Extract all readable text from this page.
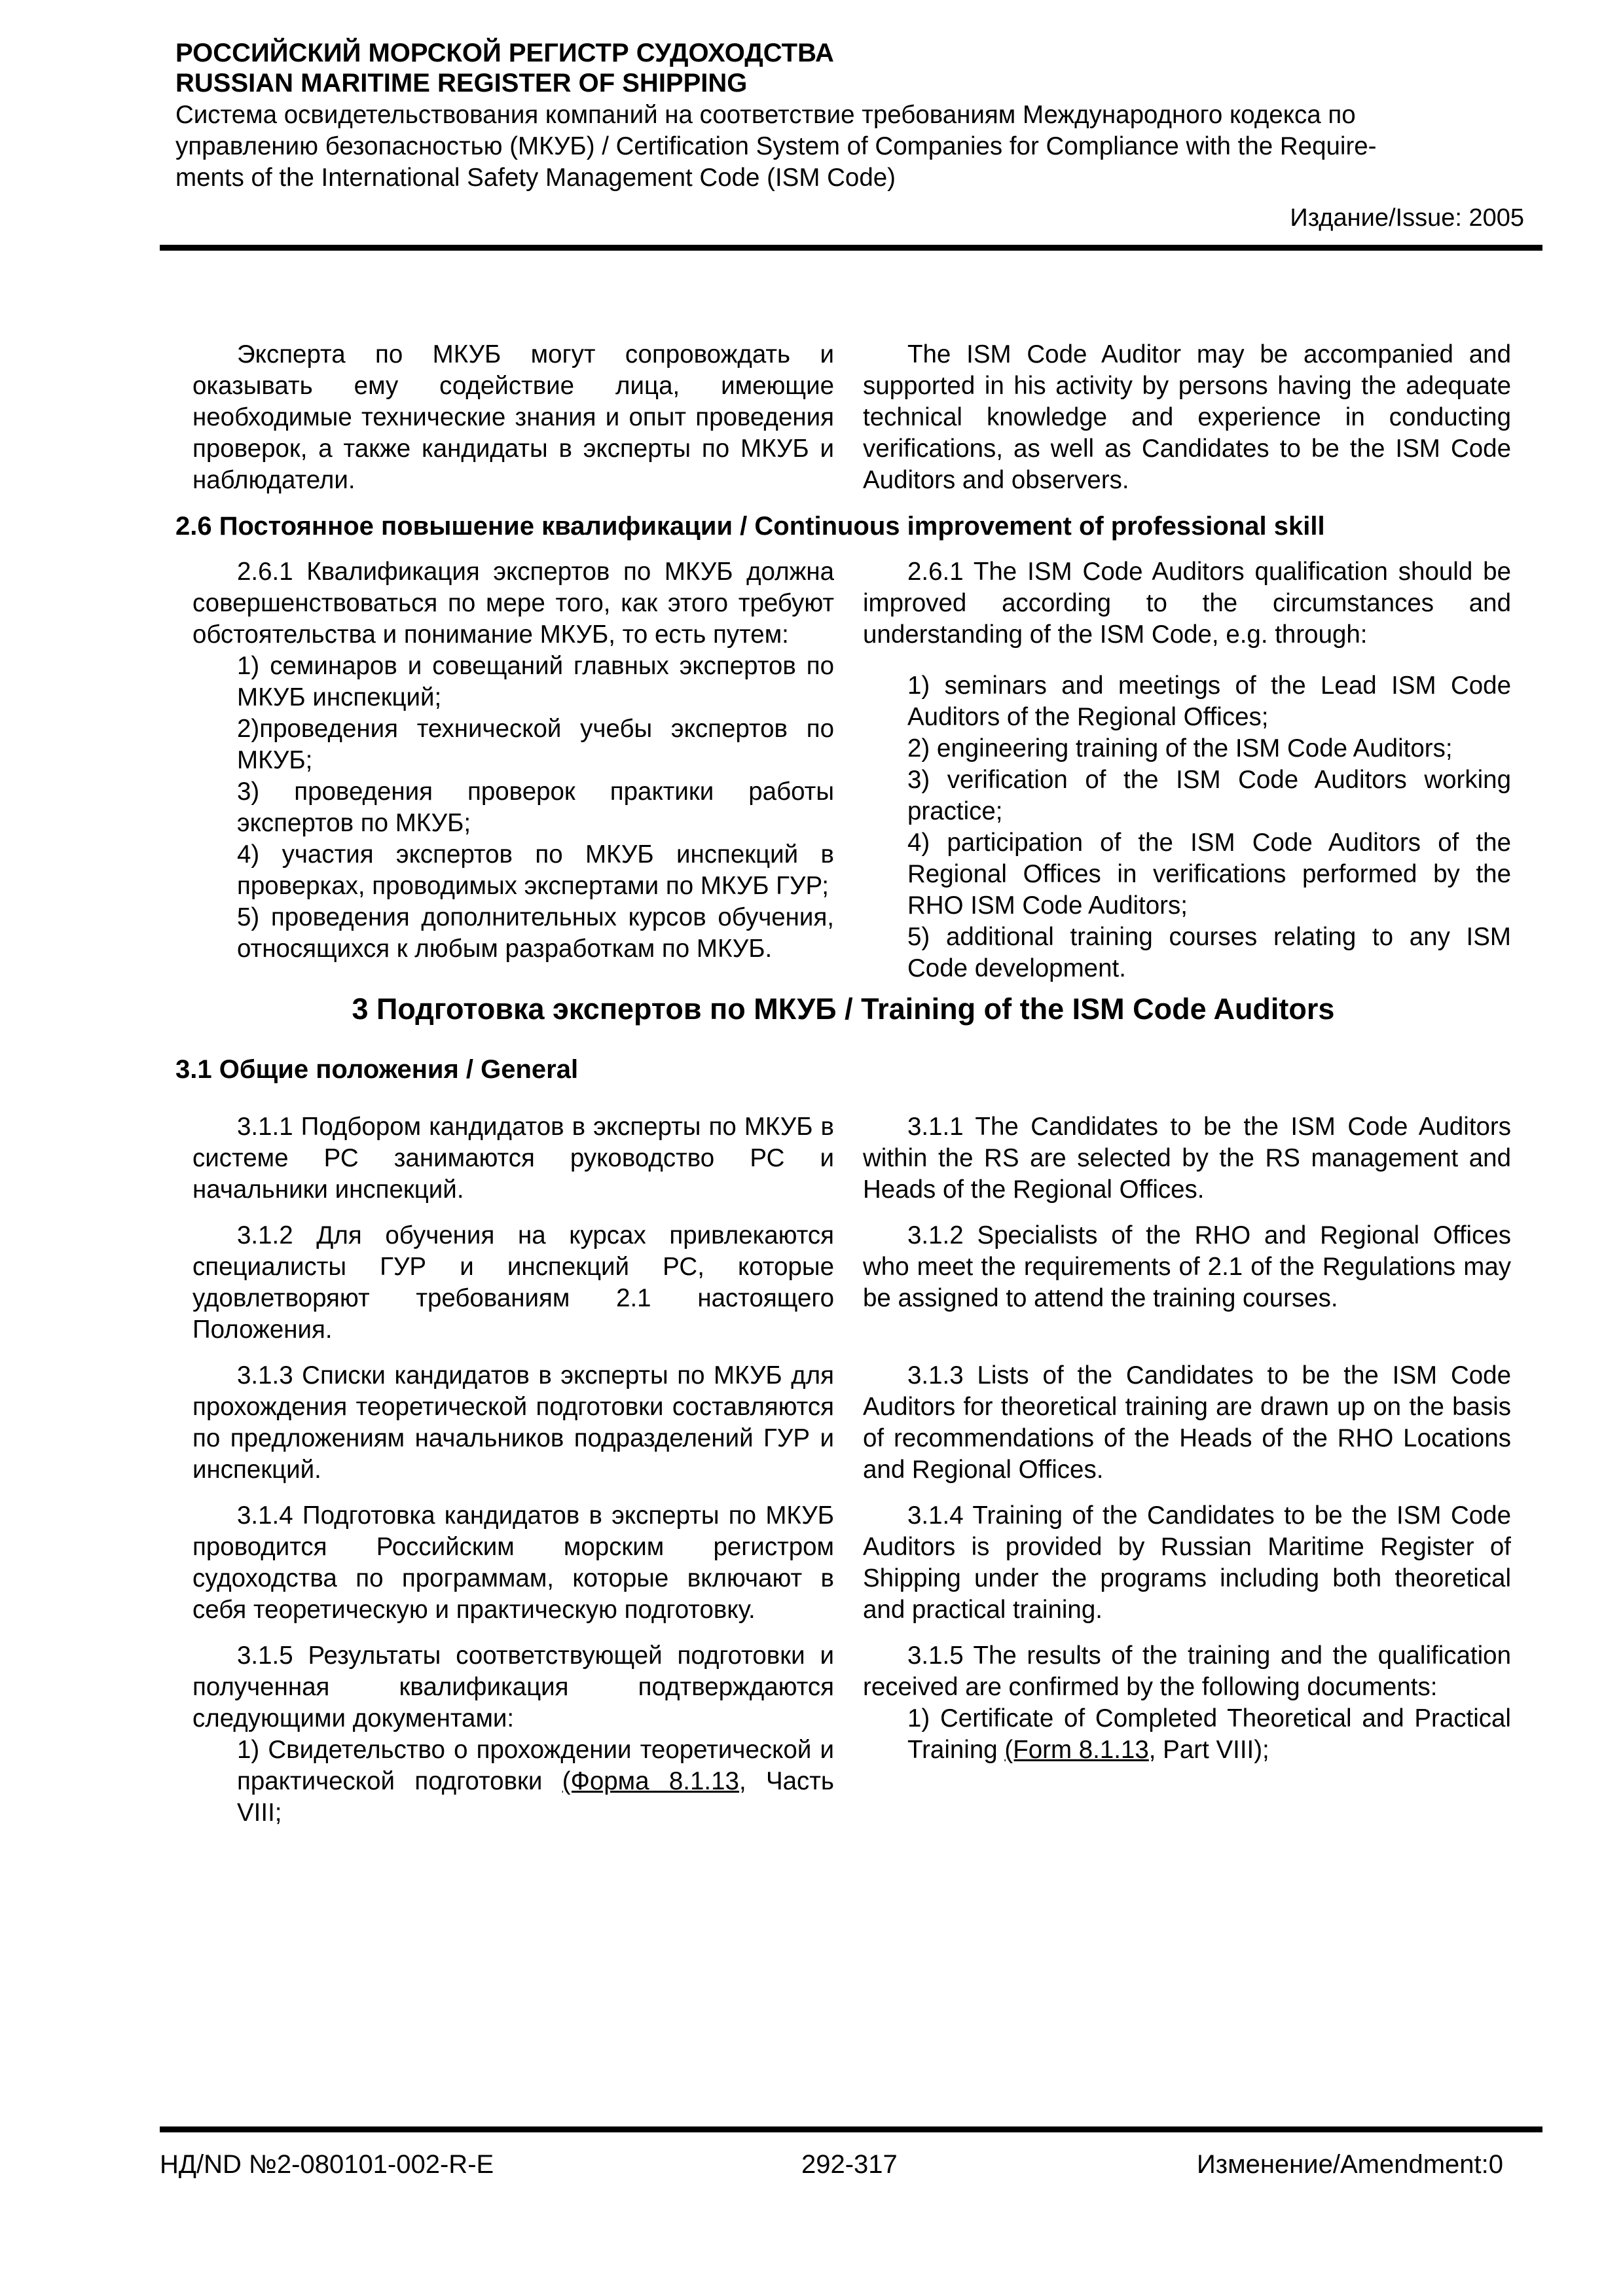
РОССИЙСКИЙ МОРСКОЙ РЕГИСТР СУДОХОДСТВА
RUSSIAN MARITIME REGISTER OF SHIPPING
Система освидетельствования компаний на соответствие требованиям Международного кодекса по
управлению безопасностью (МКУБ) / Certification System of Companies for Compliance with the Require-
ments of the International Safety Management Code (ISM Code)
Издание/Issue: 2005

Эксперта по МКУБ могут сопровождать и оказывать ему содействие лица, имеющие необходимые технические знания и опыт проведения проверок, а также кандидаты в эксперты по МКУБ и наблюдатели.

The ISM Code Auditor may be accompanied and supported in his activity by persons having the adequate technical knowledge and experience in conducting verifications, as well as Candidates to be the ISM Code Auditors and observers.

2.6 Постоянное повышение квалификации / Continuous improvement of professional skill

2.6.1 Квалификация экспертов по МКУБ должна совершенствоваться по мере того, как этого требуют обстоятельства и понимание МКУБ, то есть путем:

1) семинаров и совещаний главных экспертов по МКУБ инспекций;
2)проведения технической учебы экспертов по МКУБ;
3) проведения проверок практики работы экспертов по МКУБ;
4) участия экспертов по МКУБ инспекций в проверках, проводимых экспертами по МКУБ ГУР;
5) проведения дополнительных курсов обучения, относящихся к любым разработкам по МКУБ.

2.6.1 The ISM Code Auditors qualification should be improved according to the circumstances and understanding of the ISM Code, e.g. through:

1) seminars and meetings of the Lead ISM Code Auditors of the Regional Offices;
2) engineering training of the ISM Code Auditors;
3) verification of the ISM Code Auditors working practice;
4) participation of the ISM Code Auditors of the Regional Offices in verifications performed by the RHO ISM Code Auditors;
5) additional training courses relating to any ISM Code development.
3 Подготовка экспертов по МКУБ / Training of the ISM Code Auditors
3.1 Общие положения / General

3.1.1 Подбором кандидатов в эксперты по МКУБ в системе РС занимаются руководство РС и начальники инспекций.

3.1.1 The Candidates to be the ISM Code Auditors within the RS are selected by the RS management and Heads of the Regional Offices.

3.1.2 Для обучения на курсах привлекаются специалисты ГУР и инспекций РС, которые удовлетворяют требованиям 2.1 настоящего Положения.

3.1.2 Specialists of the RHO and Regional Offices who meet the requirements of 2.1 of the Regulations may be assigned to attend the training courses.

3.1.3 Списки кандидатов в эксперты по МКУБ для прохождения теоретической подготовки составляются по предложениям начальников подразделений ГУР и инспекций.

3.1.3 Lists of the Candidates to be the ISM Code Auditors for theoretical training are drawn up on the basis of recommendations of the Heads of the RHO Locations and Regional Offices.

3.1.4 Подготовка кандидатов в эксперты по МКУБ проводится Российским морским регистром судоходства по программам, которые включают в себя теоретическую и практическую подготовку.

3.1.4 Training of the Candidates to be the ISM Code Auditors is provided by Russian Maritime Register of Shipping under the programs including both theoretical and practical training.

3.1.5 Результаты соответствующей подготовки и полученная квалификация подтверждаются следующими документами:

1) Свидетельство о прохождении теоретической и практической подготовки (Форма 8.1.13, Часть VIII;

3.1.5 The results of the training and the qualification received are confirmed by the following documents:

1) Certificate of Completed Theoretical and Practical Training (Form 8.1.13, Part VIII);
НД/ND №2-080101-002-R-E	292-317	Изменение/Amendment:0
